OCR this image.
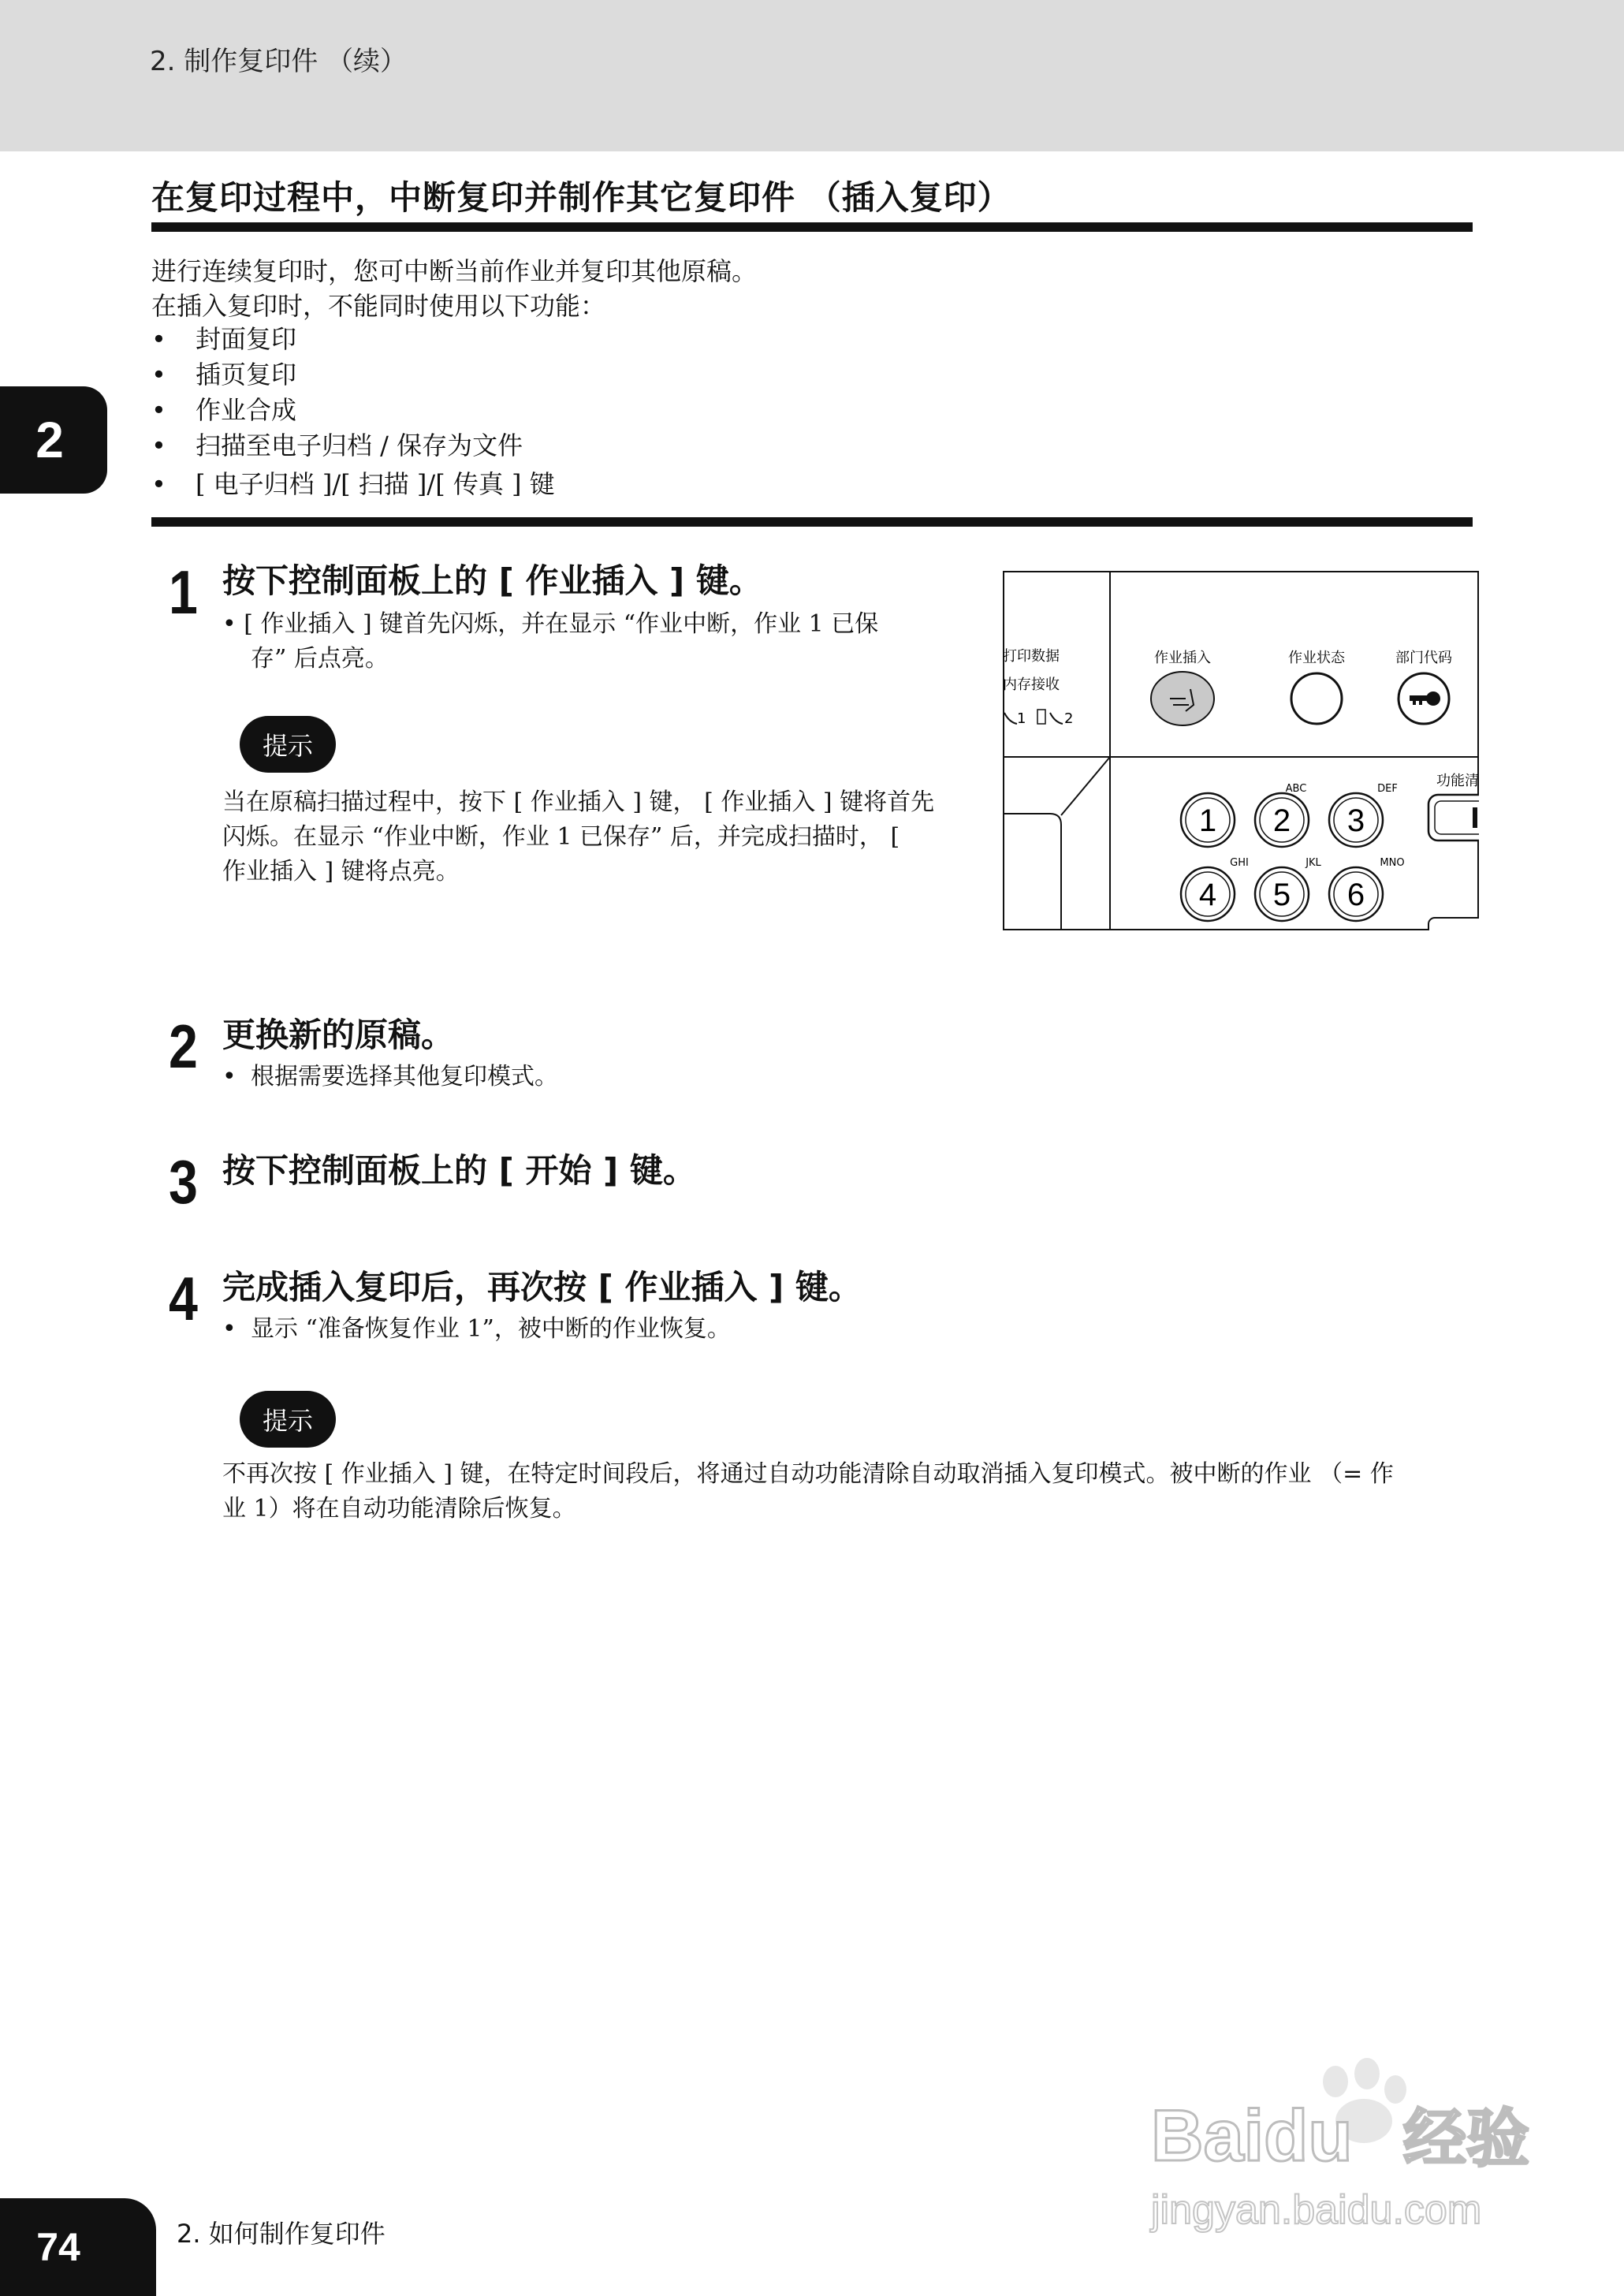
2. 制作复印件 （续）
2
在复印过程中，中断复印并制作其它复印件 （插入复印）

进行连续复印时，您可中断当前作业并复印其他原稿。

在插入复印时，不能同时使用以下功能：

• 封面复印
• 插页复印
• 作业合成
• 扫描至电子归档 / 保存为文件
• [ 电子归档 ]/[ 扫描 ]/[ 传真 ] 键
1 按下控制面板上的 [ 作业插入 ] 键。
• [ 作业插入 ] 键首先闪烁，并在显示 “作业中断，作业 1 已保
存” 后点亮。
提示
当在原稿扫描过程中，按下 [ 作业插入 ] 键， [ 作业插入 ] 键将首先
闪烁。在显示 “作业中断，作业 1 已保存” 后，并完成扫描时， [
作业插入 ] 键将点亮。
打印数据
内存接收
1	2
作业插入	作业状态	部门代码
1 2
ABC
3
DEF
4
GHI
5
JKL
6
MNO
功能清
2 更换新的原稿。
• 根据需要选择其他复印模式。
3 按下控制面板上的 [ 开始 ] 键。
4 完成插入复印后，再次按 [ 作业插入 ] 键。
• 显示 “准备恢复作业 1”，被中断的作业恢复。
提示
不再次按 [ 作业插入 ] 键，在特定时间段后，将通过自动功能清除自动取消插入复印模式。被中断的作业 （= 作
业 1）将在自动功能清除后恢复。
Baidu 经验
jingyan.baidu.com
74	2. 如何制作复印件
